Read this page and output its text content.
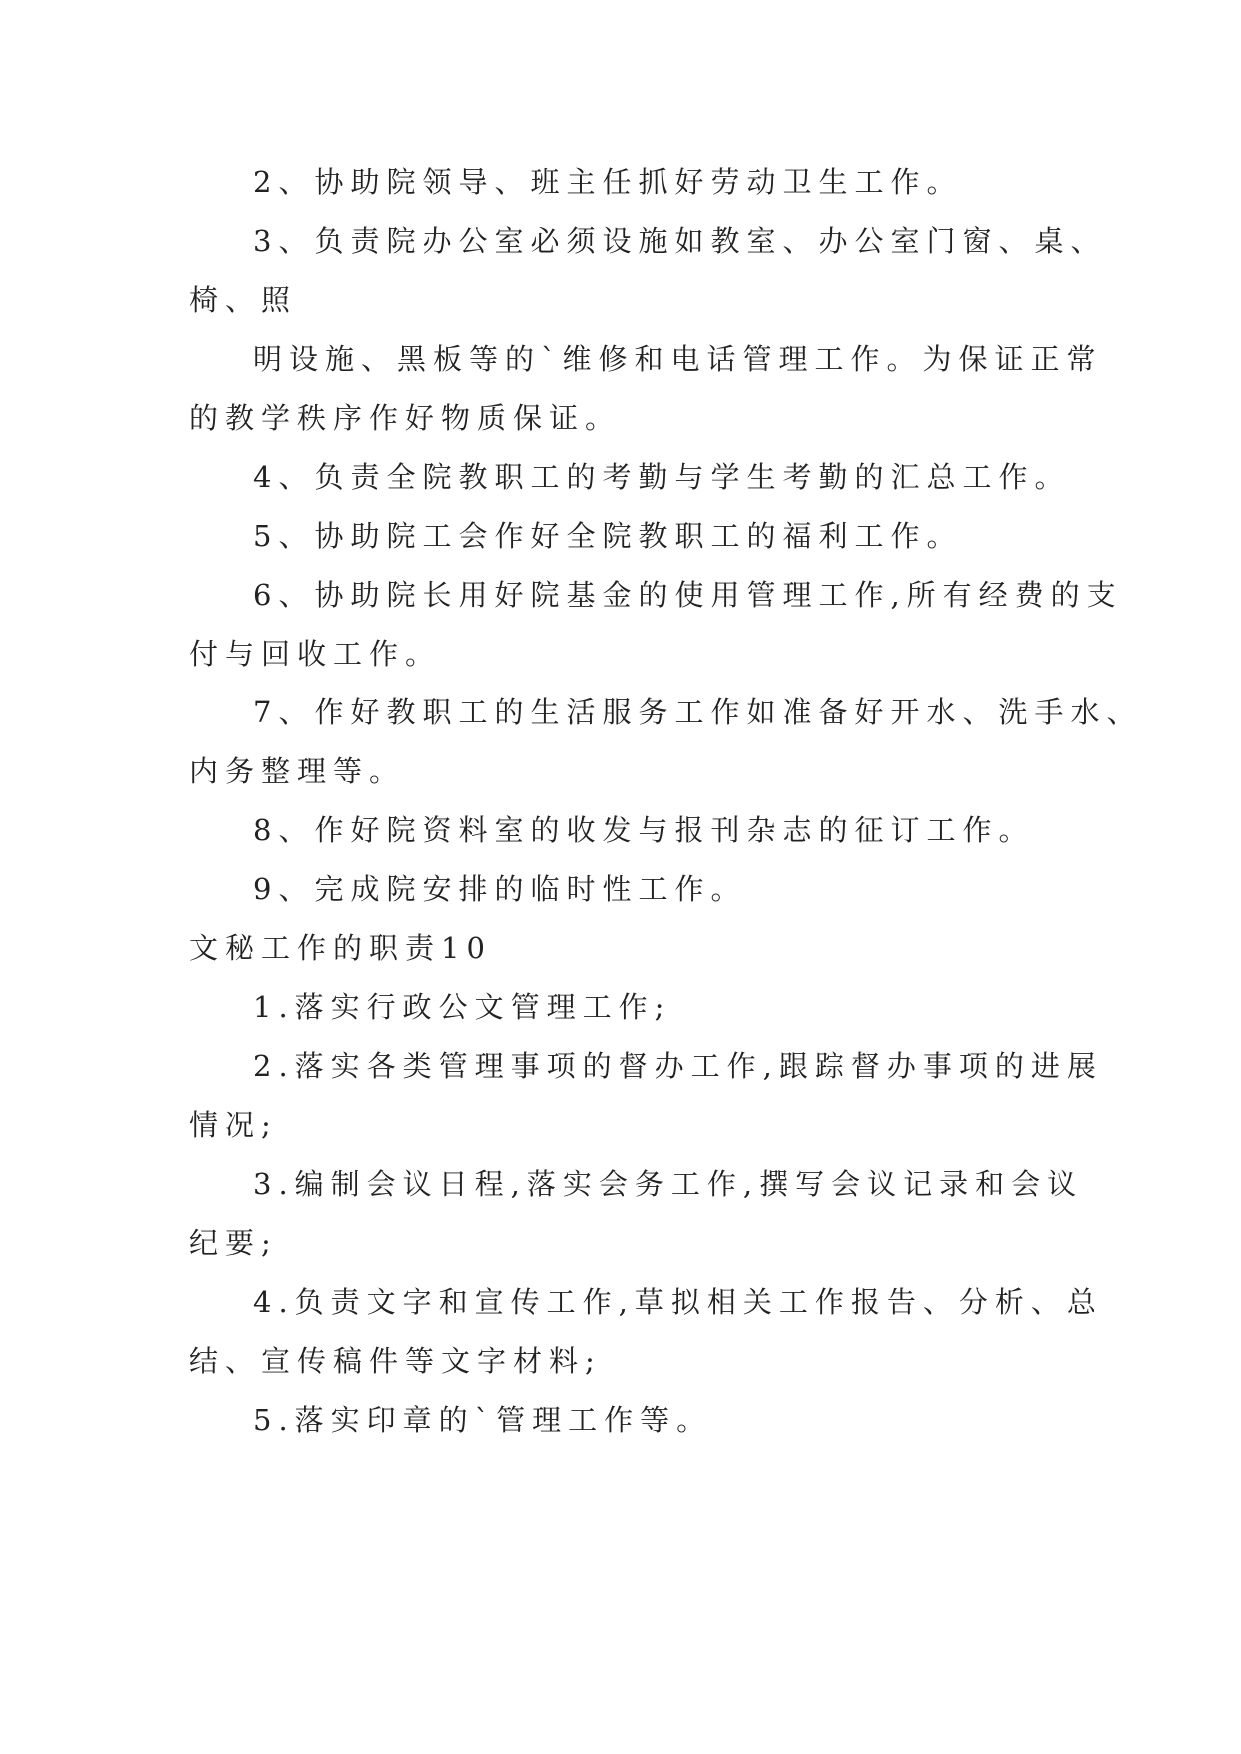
2、协助院领导、班主任抓好劳动卫生工作。
3、负责院办公室必须设施如教室、办公室门窗、桌、
椅、照
明设施、黑板等的`维修和电话管理工作。为保证正常
的教学秩序作好物质保证。
4、负责全院教职工的考勤与学生考勤的汇总工作。
5、协助院工会作好全院教职工的福利工作。
6、协助院长用好院基金的使用管理工作,所有经费的支
付与回收工作。
7、作好教职工的生活服务工作如准备好开水、洗手水、
内务整理等。
8、作好院资料室的收发与报刊杂志的征订工作。
9、完成院安排的临时性工作。
文秘工作的职责10
1.落实行政公文管理工作;
2.落实各类管理事项的督办工作,跟踪督办事项的进展
情况;
3.编制会议日程,落实会务工作,撰写会议记录和会议
纪要;
4.负责文字和宣传工作,草拟相关工作报告、分析、总
结、宣传稿件等文字材料;
5.落实印章的`管理工作等。
